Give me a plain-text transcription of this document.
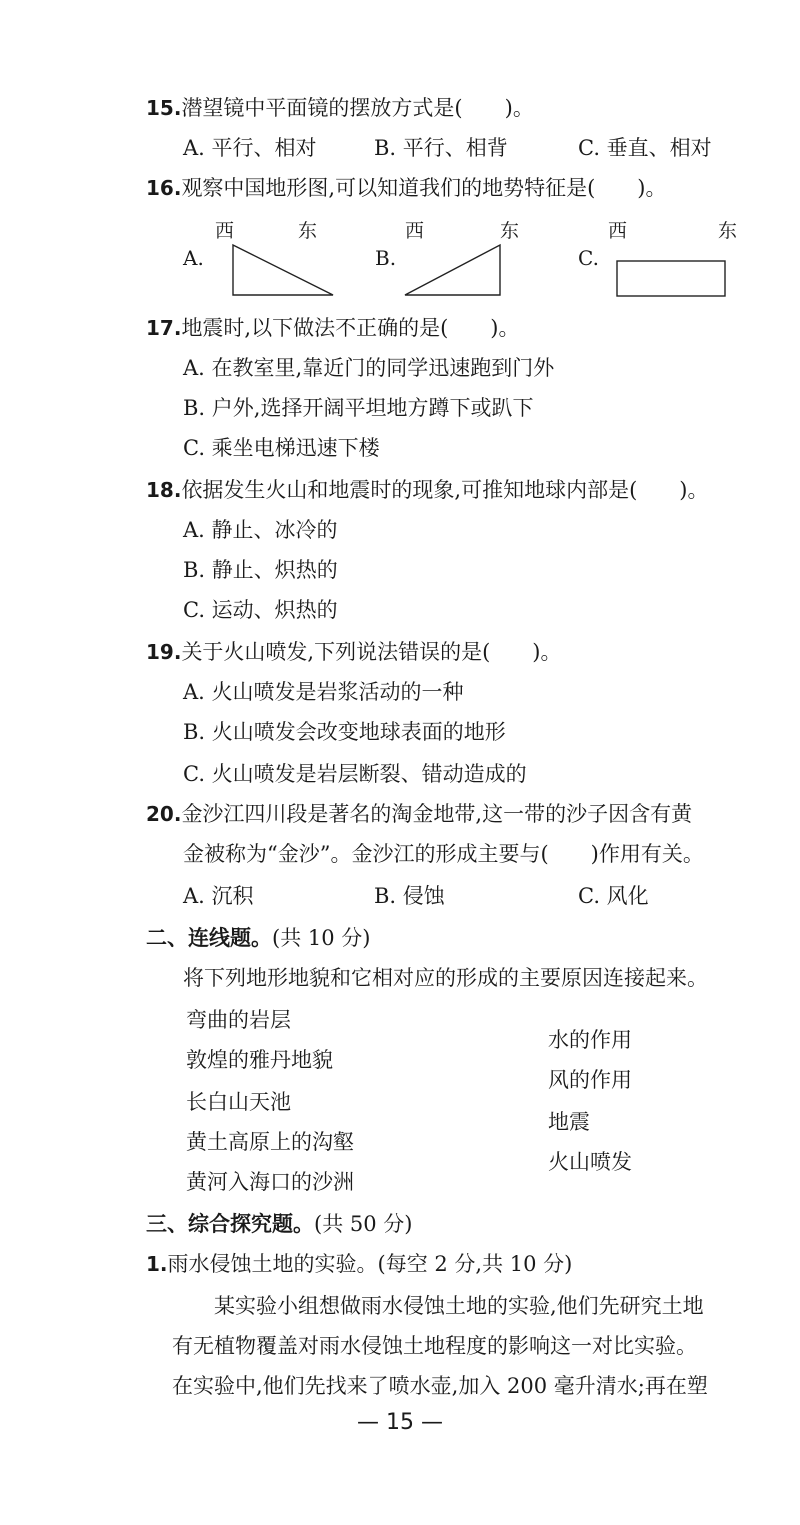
15.潜望镜中平面镜的摆放方式是(　　)。
A. 平行、相对	B. 平行、相背	C. 垂直、相对
16.观察中国地形图,可以知道我们的地势特征是(　　)。
A.
西	东
B.
西	东
C.
西	东
17.地震时,以下做法不正确的是(　　)。
A. 在教室里,靠近门的同学迅速跑到门外
B. 户外,选择开阔平坦地方蹲下或趴下
C. 乘坐电梯迅速下楼
18.依据发生火山和地震时的现象,可推知地球内部是(　　)。
A. 静止、冰冷的
B. 静止、炽热的
C. 运动、炽热的
19.关于火山喷发,下列说法错误的是(　　)。
A. 火山喷发是岩浆活动的一种
B. 火山喷发会改变地球表面的地形
C. 火山喷发是岩层断裂、错动造成的
20.金沙江四川段是著名的淘金地带,这一带的沙子因含有黄
金被称为“金沙”。金沙江的形成主要与(　　)作用有关。
A. 沉积	B. 侵蚀	C. 风化
二、连线题。(共 10 分)
将下列地形地貌和它相对应的形成的主要原因连接起来。
弯曲的岩层
敦煌的雅丹地貌
长白山天池
黄土高原上的沟壑
黄河入海口的沙洲
水的作用
风的作用
地震
火山喷发
三、综合探究题。(共 50 分)
1.雨水侵蚀土地的实验。(每空 2 分,共 10 分)
某实验小组想做雨水侵蚀土地的实验,他们先研究土地
有无植物覆盖对雨水侵蚀土地程度的影响这一对比实验。
在实验中,他们先找来了喷水壶,加入 200 毫升清水;再在塑
— 15 —
